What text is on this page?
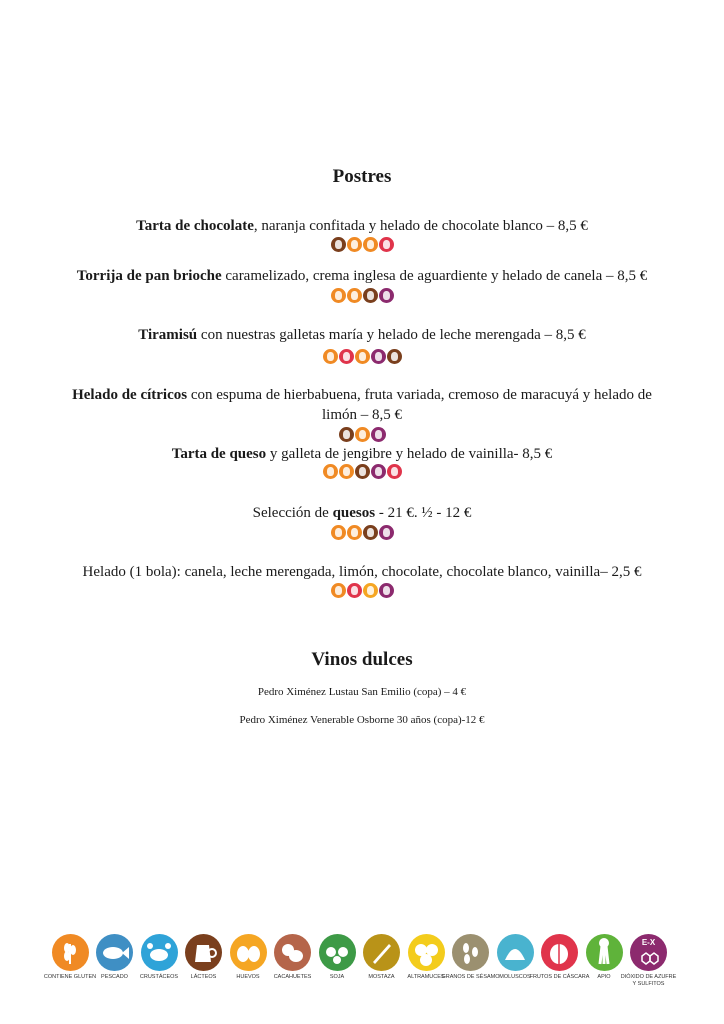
Postres
Tarta de chocolate, naranja confitada y helado de chocolate blanco – 8,5 €
Torrija de pan brioche caramelizado, crema inglesa de aguardiente y helado de canela – 8,5 €
Tiramisú con nuestras galletas maría y helado de leche merengada – 8,5 €
Helado de cítricos con espuma de hierbabuena, fruta variada, cremoso de maracuyá y helado de limón – 8,5 €
Tarta de queso y galleta de jengibre y helado de vainilla- 8,5 €
Selección de quesos - 21 €. ½ - 12 €
Helado (1 bola): canela, leche merengada, limón, chocolate, chocolate blanco, vainilla– 2,5 €
Vinos dulces
Pedro Ximénez Lustau San Emilio (copa) – 4 €
Pedro Ximénez Venerable Osborne 30 años (copa)-12 €
CONTIENE GLUTEN PESCADO	CRUSTÁCEOS	LÁCTEOS	HUEVOS	CACAHUETES	SOJA	MOSTAZA	ALTRAMUCES
GRANOS DE SÉSAMO MOLUSCOS
FRUTOS DE CÁSCARA	APIO
E-X
DIÓXIDO DE AZUFRE Y SULFITOS
